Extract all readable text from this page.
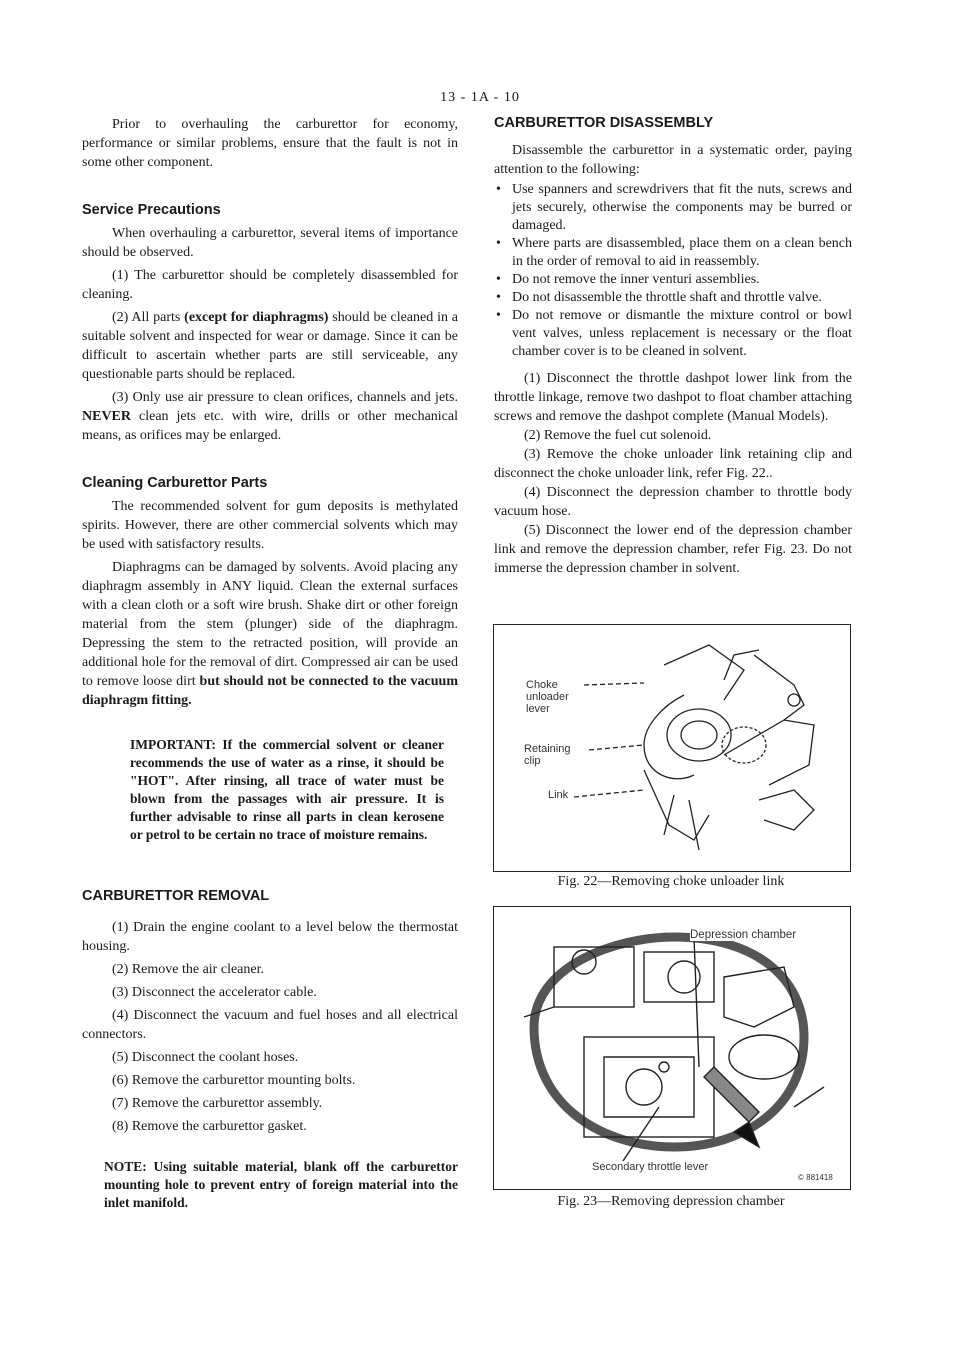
13 - 1A - 10

Prior to overhauling the carburettor for economy, performance or similar problems, ensure that the fault is not in some other component.

Service Precautions

When overhauling a carburettor, several items of importance should be observed.

(1) The carburettor should be completely disassembled for cleaning.

(2) All parts (except for diaphragms) should be cleaned in a suitable solvent and inspected for wear or damage. Since it can be difficult to ascertain whether parts are still serviceable, any questionable parts should be replaced.

(3) Only use air pressure to clean orifices, channels and jets. NEVER clean jets etc. with wire, drills or other mechanical means, as orifices may be enlarged.

Cleaning Carburettor Parts

The recommended solvent for gum deposits is methylated spirits. However, there are other commercial solvents which may be used with satisfactory results.

Diaphragms can be damaged by solvents. Avoid placing any diaphragm assembly in ANY liquid. Clean the external surfaces with a clean cloth or a soft wire brush. Shake dirt or other foreign material from the stem (plunger) side of the diaphragm. Depressing the stem to the retracted position, will provide an additional hole for the removal of dirt. Compressed air can be used to remove loose dirt but should not be connected to the vacuum diaphragm fitting.

IMPORTANT: If the commercial solvent or cleaner recommends the use of water as a rinse, it should be "HOT". After rinsing, all trace of water must be blown from the passages with air pressure. It is further advisable to rinse all parts in clean kerosene or petrol to be certain no trace of moisture remains.
CARBURETTOR REMOVAL

(1) Drain the engine coolant to a level below the thermostat housing.

(2) Remove the air cleaner.

(3) Disconnect the accelerator cable.

(4) Disconnect the vacuum and fuel hoses and all electrical connectors.

(5) Disconnect the coolant hoses.

(6) Remove the carburettor mounting bolts.

(7) Remove the carburettor assembly.

(8) Remove the carburettor gasket.

NOTE: Using suitable material, blank off the carburettor mounting hole to prevent entry of foreign material into the inlet manifold.
CARBURETTOR DISASSEMBLY

Disassemble the carburettor in a systematic order, paying attention to the following:

• Use spanners and screwdrivers that fit the nuts, screws and jets securely, otherwise the components may be burred or damaged.
• Where parts are disassembled, place them on a clean bench in the order of removal to aid in reassembly.
• Do not remove the inner venturi assemblies.
• Do not disassemble the throttle shaft and throttle valve.
• Do not remove or dismantle the mixture control or bowl vent valves, unless replacement is necessary or the float chamber cover is to be cleaned in solvent.

(1) Disconnect the throttle dashpot lower link from the throttle linkage, remove two dashpot to float chamber attaching screws and remove the dashpot complete (Manual Models).

(2) Remove the fuel cut solenoid.

(3) Remove the choke unloader link retaining clip and disconnect the choke unloader link, refer Fig. 22..

(4) Disconnect the depression chamber to throttle body vacuum hose.

(5) Disconnect the lower end of the depression chamber link and remove the depression chamber, refer Fig. 23. Do not immerse the depression chamber in solvent.

Choke
unloader
lever
Retaining
clip
Link
Fig. 22—Removing choke unloader link
Depression chamber
Secondary throttle lever
© 881418
Fig. 23—Removing depression chamber
